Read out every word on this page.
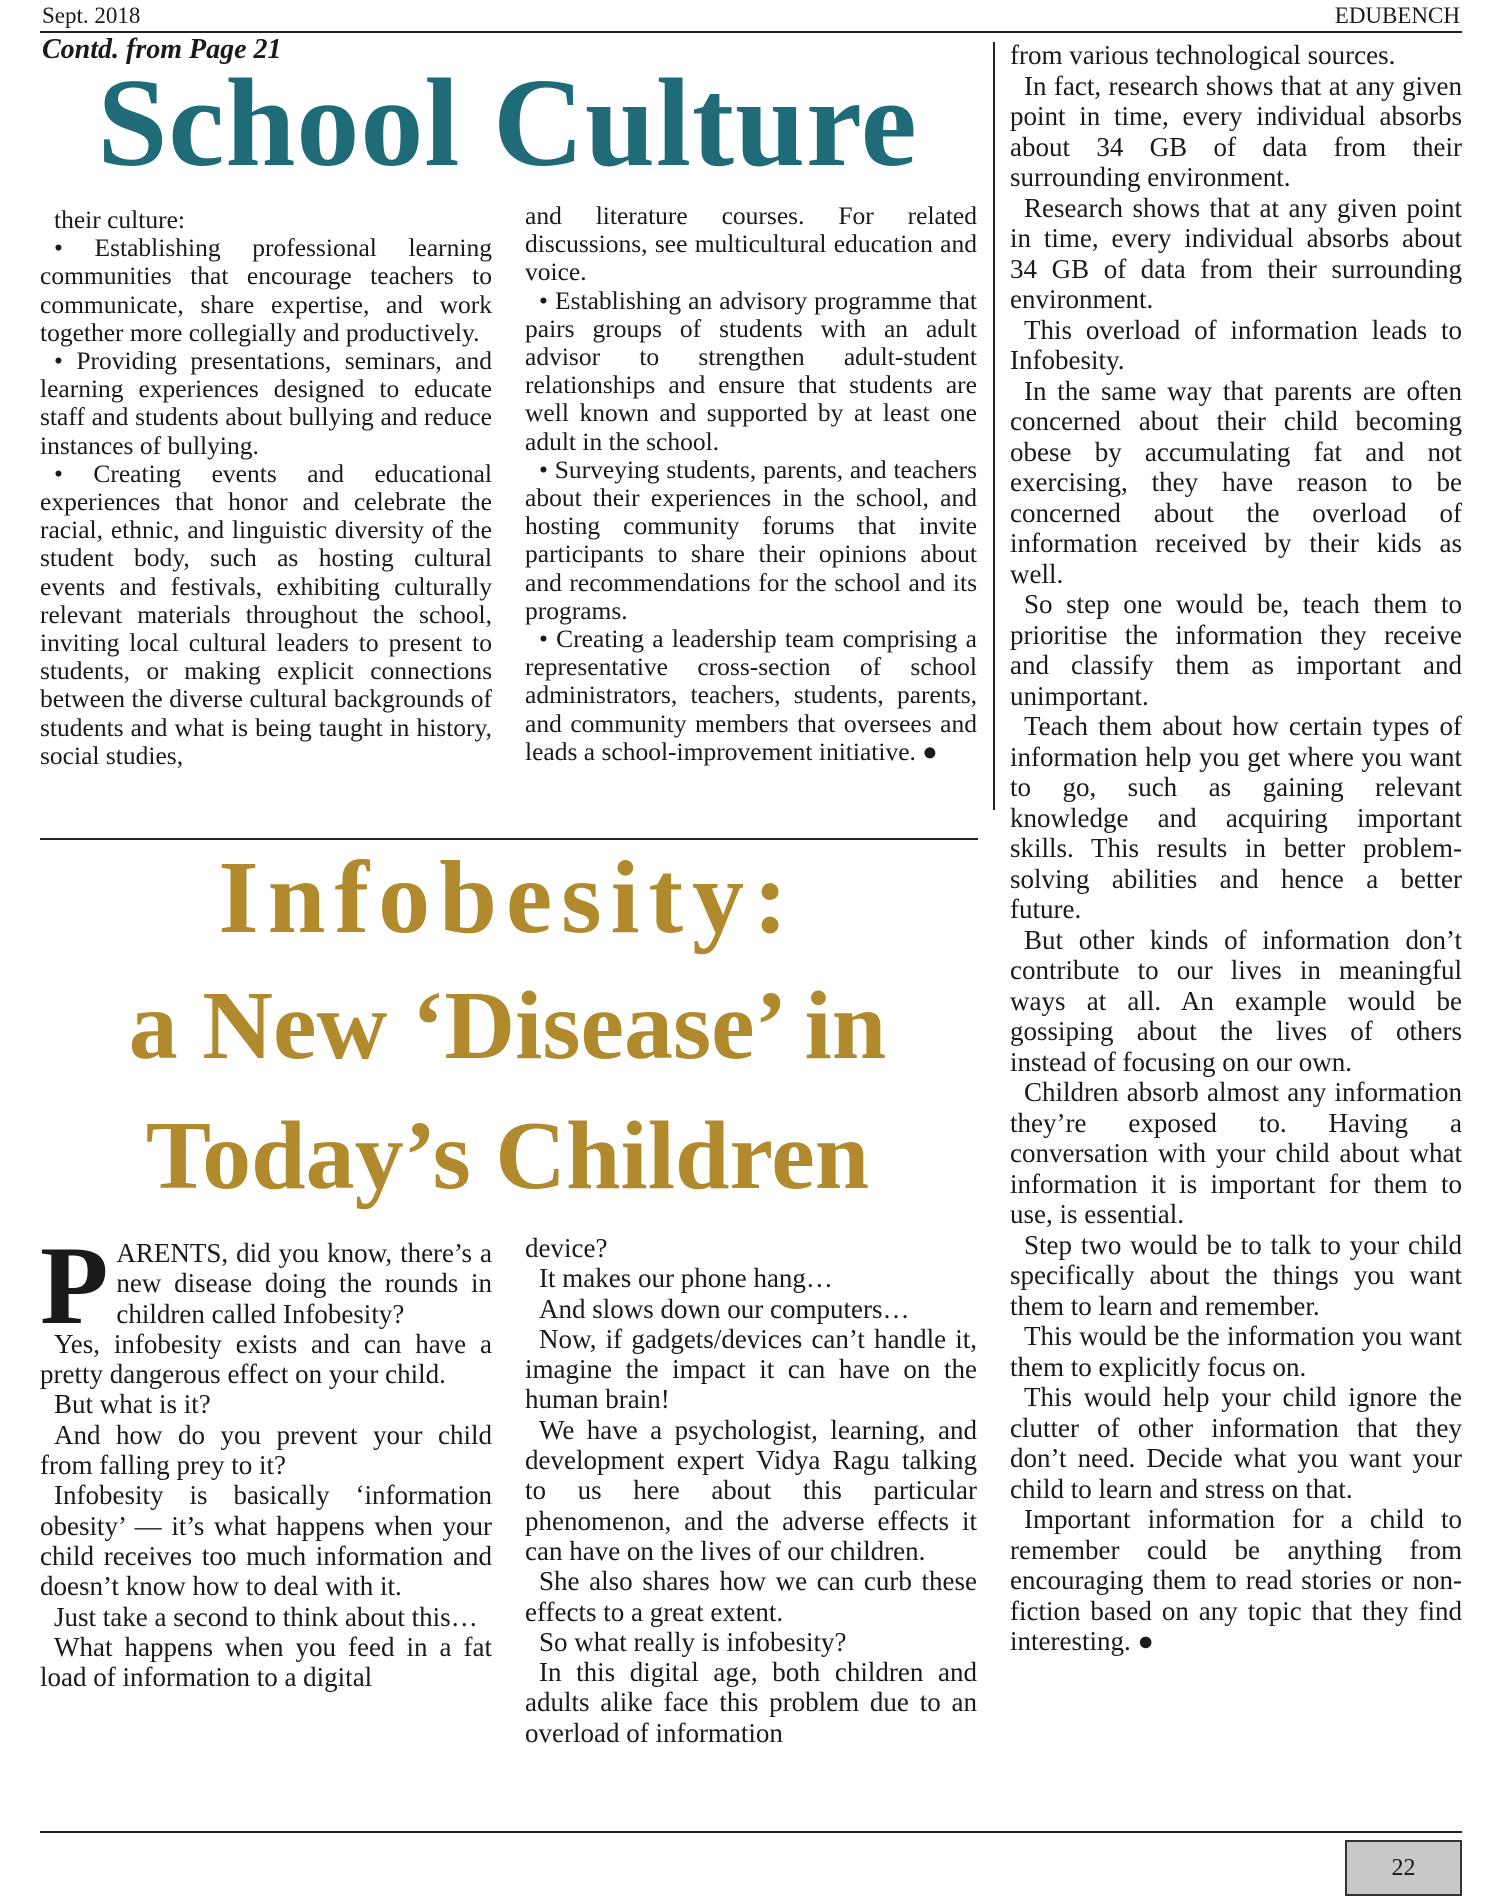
Sept. 2018	EDUBENCH
Contd. from Page 21
School Culture

their culture:

• Establishing professional learning communities that encourage teachers to communicate, share expertise, and work together more collegially and productively.

• Providing presentations, seminars, and learning experiences designed to educate staff and students about bullying and reduce instances of bullying.

• Creating events and educational experiences that honor and celebrate the racial, ethnic, and linguistic diversity of the student body, such as hosting cultural events and festivals, exhibiting culturally relevant materials throughout the school, inviting local cultural leaders to present to students, or making explicit connections between the diverse cultural backgrounds of students and what is being taught in history, social studies,

and literature courses. For related discussions, see multicultural education and voice.

• Establishing an advisory programme that pairs groups of students with an adult advisor to strengthen adult-student relationships and ensure that students are well known and supported by at least one adult in the school.

• Surveying students, parents, and teachers about their experiences in the school, and hosting community forums that invite participants to share their opinions about and recommendations for the school and its programs.

• Creating a leadership team comprising a representative cross-section of school administrators, teachers, students, parents, and community members that oversees and leads a school-improvement initiative. ●

from various technological sources.

In fact, research shows that at any given point in time, every individual absorbs about 34 GB of data from their surrounding environment.

Research shows that at any given point in time, every individual absorbs about 34 GB of data from their surrounding environment.

This overload of information leads to Infobesity.

In the same way that parents are often concerned about their child becoming obese by accumulating fat and not exercising, they have reason to be concerned about the overload of information received by their kids as well.

So step one would be, teach them to prioritise the information they receive and classify them as important and unimportant.

Teach them about how certain types of information help you get where you want to go, such as gaining relevant knowledge and acquiring important skills. This results in better problem-solving abilities and hence a better future.

But other kinds of information don’t contribute to our lives in meaningful ways at all. An example would be gossiping about the lives of others instead of focusing on our own.

Children absorb almost any information they’re exposed to. Having a conversation with your child about what information it is important for them to use, is essential.

Step two would be to talk to your child specifically about the things you want them to learn and remember.

This would be the information you want them to explicitly focus on.

This would help your child ignore the clutter of other information that they don’t need. Decide what you want your child to learn and stress on that.

Important information for a child to remember could be anything from encouraging them to read stories or non-fiction based on any topic that they find interesting. ●

Infobesity:
a New ‘Disease’ in
Today’s Children

PARENTS, did you know, there’s a new disease doing the rounds in children called Infobesity?

Yes, infobesity exists and can have a pretty dangerous effect on your child.

But what is it?

And how do you prevent your child from falling prey to it?

Infobesity is basically ‘information obesity’ — it’s what happens when your child receives too much information and doesn’t know how to deal with it.

Just take a second to think about this…

What happens when you feed in a fat load of information to a digital

device?

It makes our phone hang…

And slows down our computers…

Now, if gadgets/devices can’t handle it, imagine the impact it can have on the human brain!

We have a psychologist, learning, and development expert Vidya Ragu talking to us here about this particular phenomenon, and the adverse effects it can have on the lives of our children.

She also shares how we can curb these effects to a great extent.

So what really is infobesity?

In this digital age, both children and adults alike face this problem due to an overload of information

22
